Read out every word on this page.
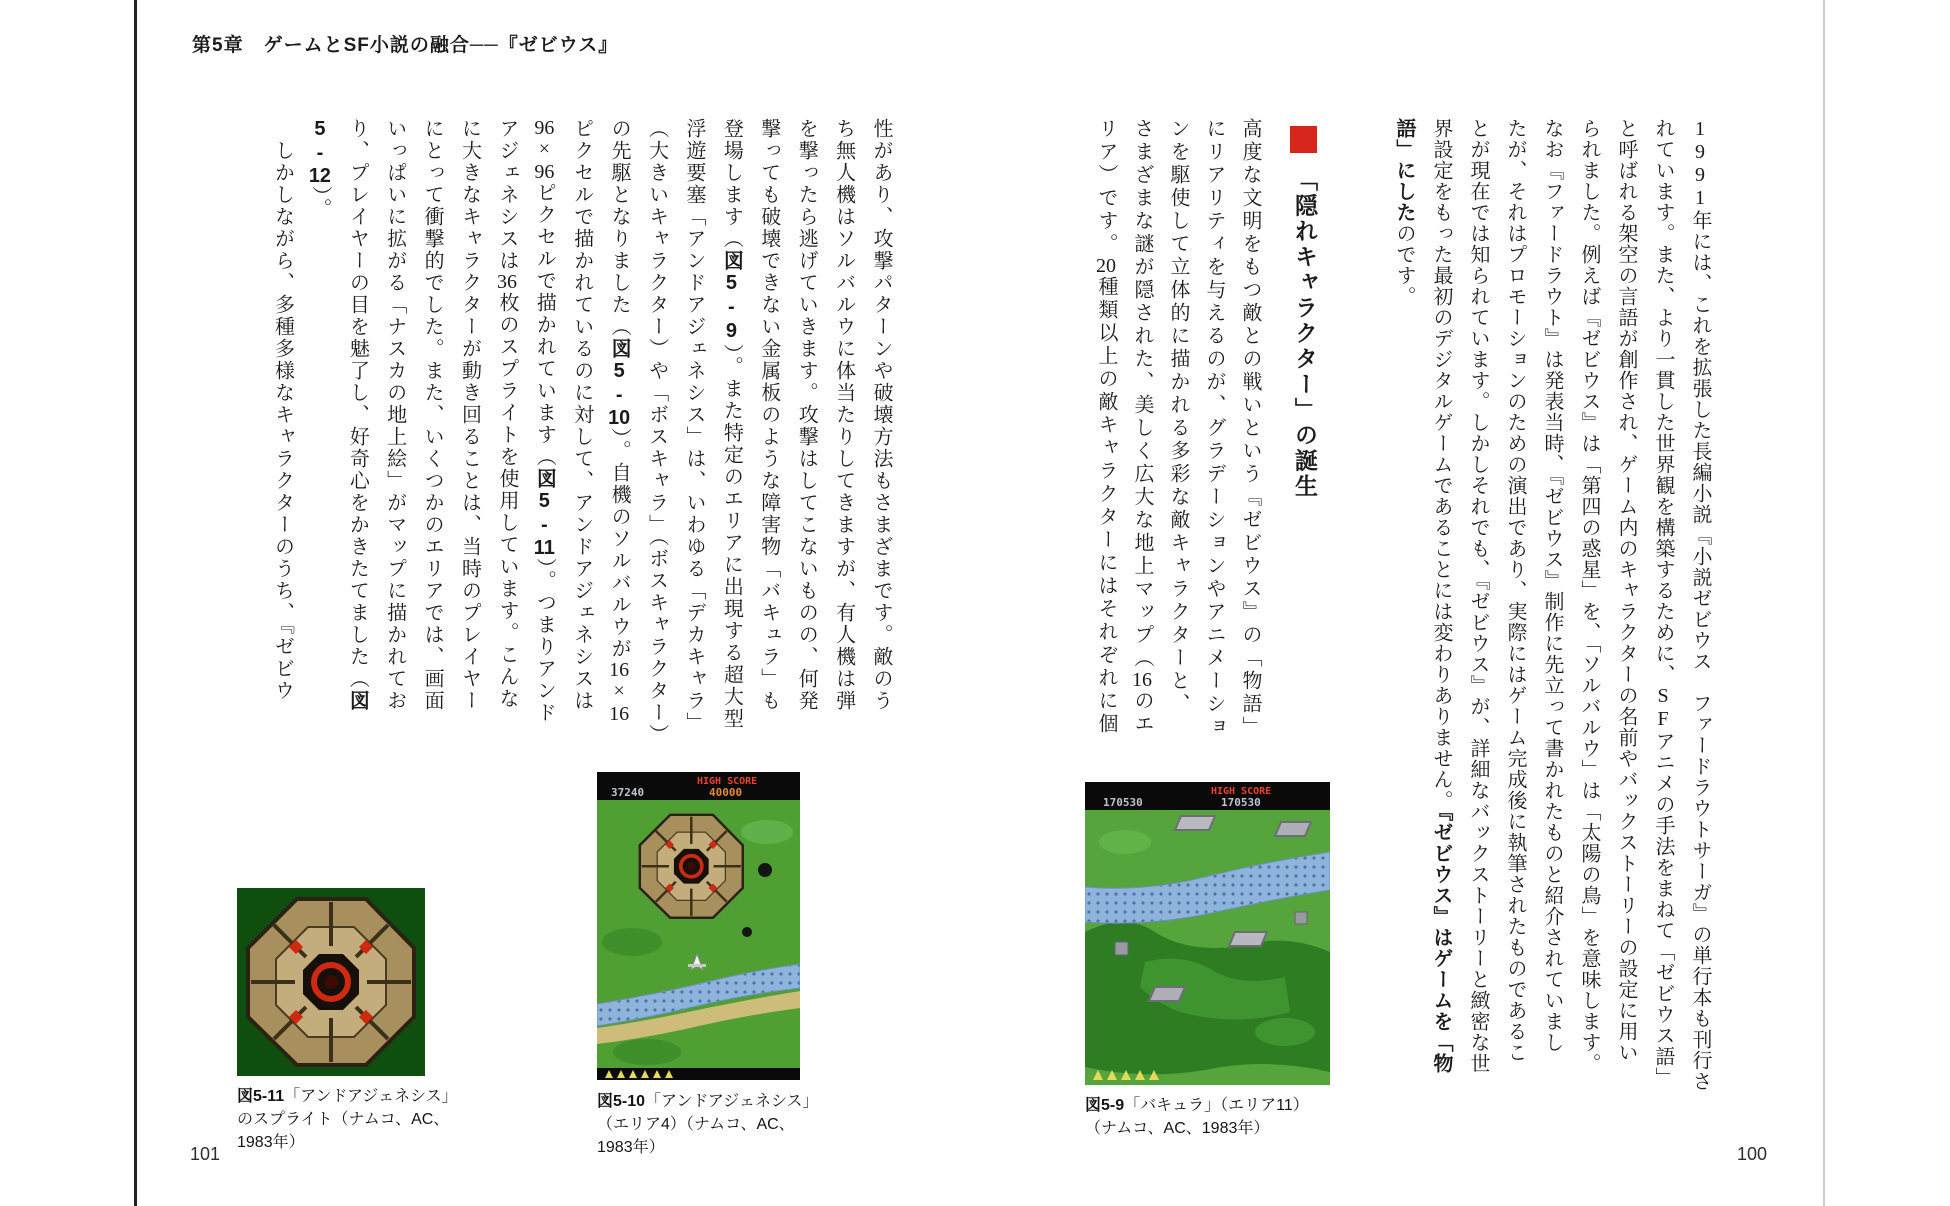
第5章　ゲームとSF小説の融合──『ゼビウス』
1991年には、これを拡張した長編小説『小説ゼビウス　ファードラウトサーガ』の単行本も刊行さ
れています。また、より一貫した世界観を構築するために、SFアニメの手法をまねて「ゼビウス語」
と呼ばれる架空の言語が創作され、ゲーム内のキャラクターの名前やバックストーリーの設定に用い
られました。例えば『ゼビウス』は「第四の惑星」を、「ソルバルウ」は「太陽の鳥」を意味します。
なお『ファードラウト』は発表当時、『ゼビウス』制作に先立って書かれたものと紹介されていまし
たが、それはプロモーションのための演出であり、実際にはゲーム完成後に執筆されたものであるこ
とが現在では知られています。しかしそれでも、『ゼビウス』が、詳細なバックストーリーと緻密な世
界設定をもった最初のデジタルゲームであることには変わりありません。『ゼビウス』はゲームを「物
語」にしたのです。
「隠れキャラクター」の誕生
高度な文明をもつ敵との戦いという『ゼビウス』の「物語」
にリアリティを与えるのが、グラデーションやアニメーショ
ンを駆使して立体的に描かれる多彩な敵キャラクターと、
さまざまな謎が隠された、美しく広大な地上マップ（16のエ
リア）です。20種類以上の敵キャラクターにはそれぞれに個
HIGH SCORE
170530	170530
図5-9「バキュラ」（エリア11）（ナムコ、AC、1983年）
性があり、攻撃パターンや破壊方法もさまざまです。敵のう
ち無人機はソルバルウに体当たりしてきますが、有人機は弾
を撃ったら逃げていきます。攻撃はしてこないものの、何発
撃っても破壊できない金属板のような障害物「バキュラ」も
登場します（図5-9）。また特定のエリアに出現する超大型
浮遊要塞「アンドアジェネシス」は、いわゆる「デカキャラ」
（大きいキャラクター）や「ボスキャラ」（ボスキャラクター）
の先駆となりました（図5-10）。自機のソルバルウが16×16
ピクセルで描かれているのに対して、アンドアジェネシスは
96×96ピクセルで描かれています（図5-11）。つまりアンド
アジェネシスは36枚のスプライトを使用しています。こんな
に大きなキャラクターが動き回ることは、当時のプレイヤー
にとって衝撃的でした。また、いくつかのエリアでは、画面
いっぱいに拡がる「ナスカの地上絵」がマップに描かれてお
り、プレイヤーの目を魅了し、好奇心をかきたてました（図
5-12）。
　しかしながら、多種多様なキャラクターのうち、『ゼビウ
図5-11「アンドアジェネシス」のスプライト（ナムコ、AC、1983年）
HIGH SCORE
37240	40000
図5-10「アンドアジェネシス」（エリア4）（ナムコ、AC、1983年）
101	100
